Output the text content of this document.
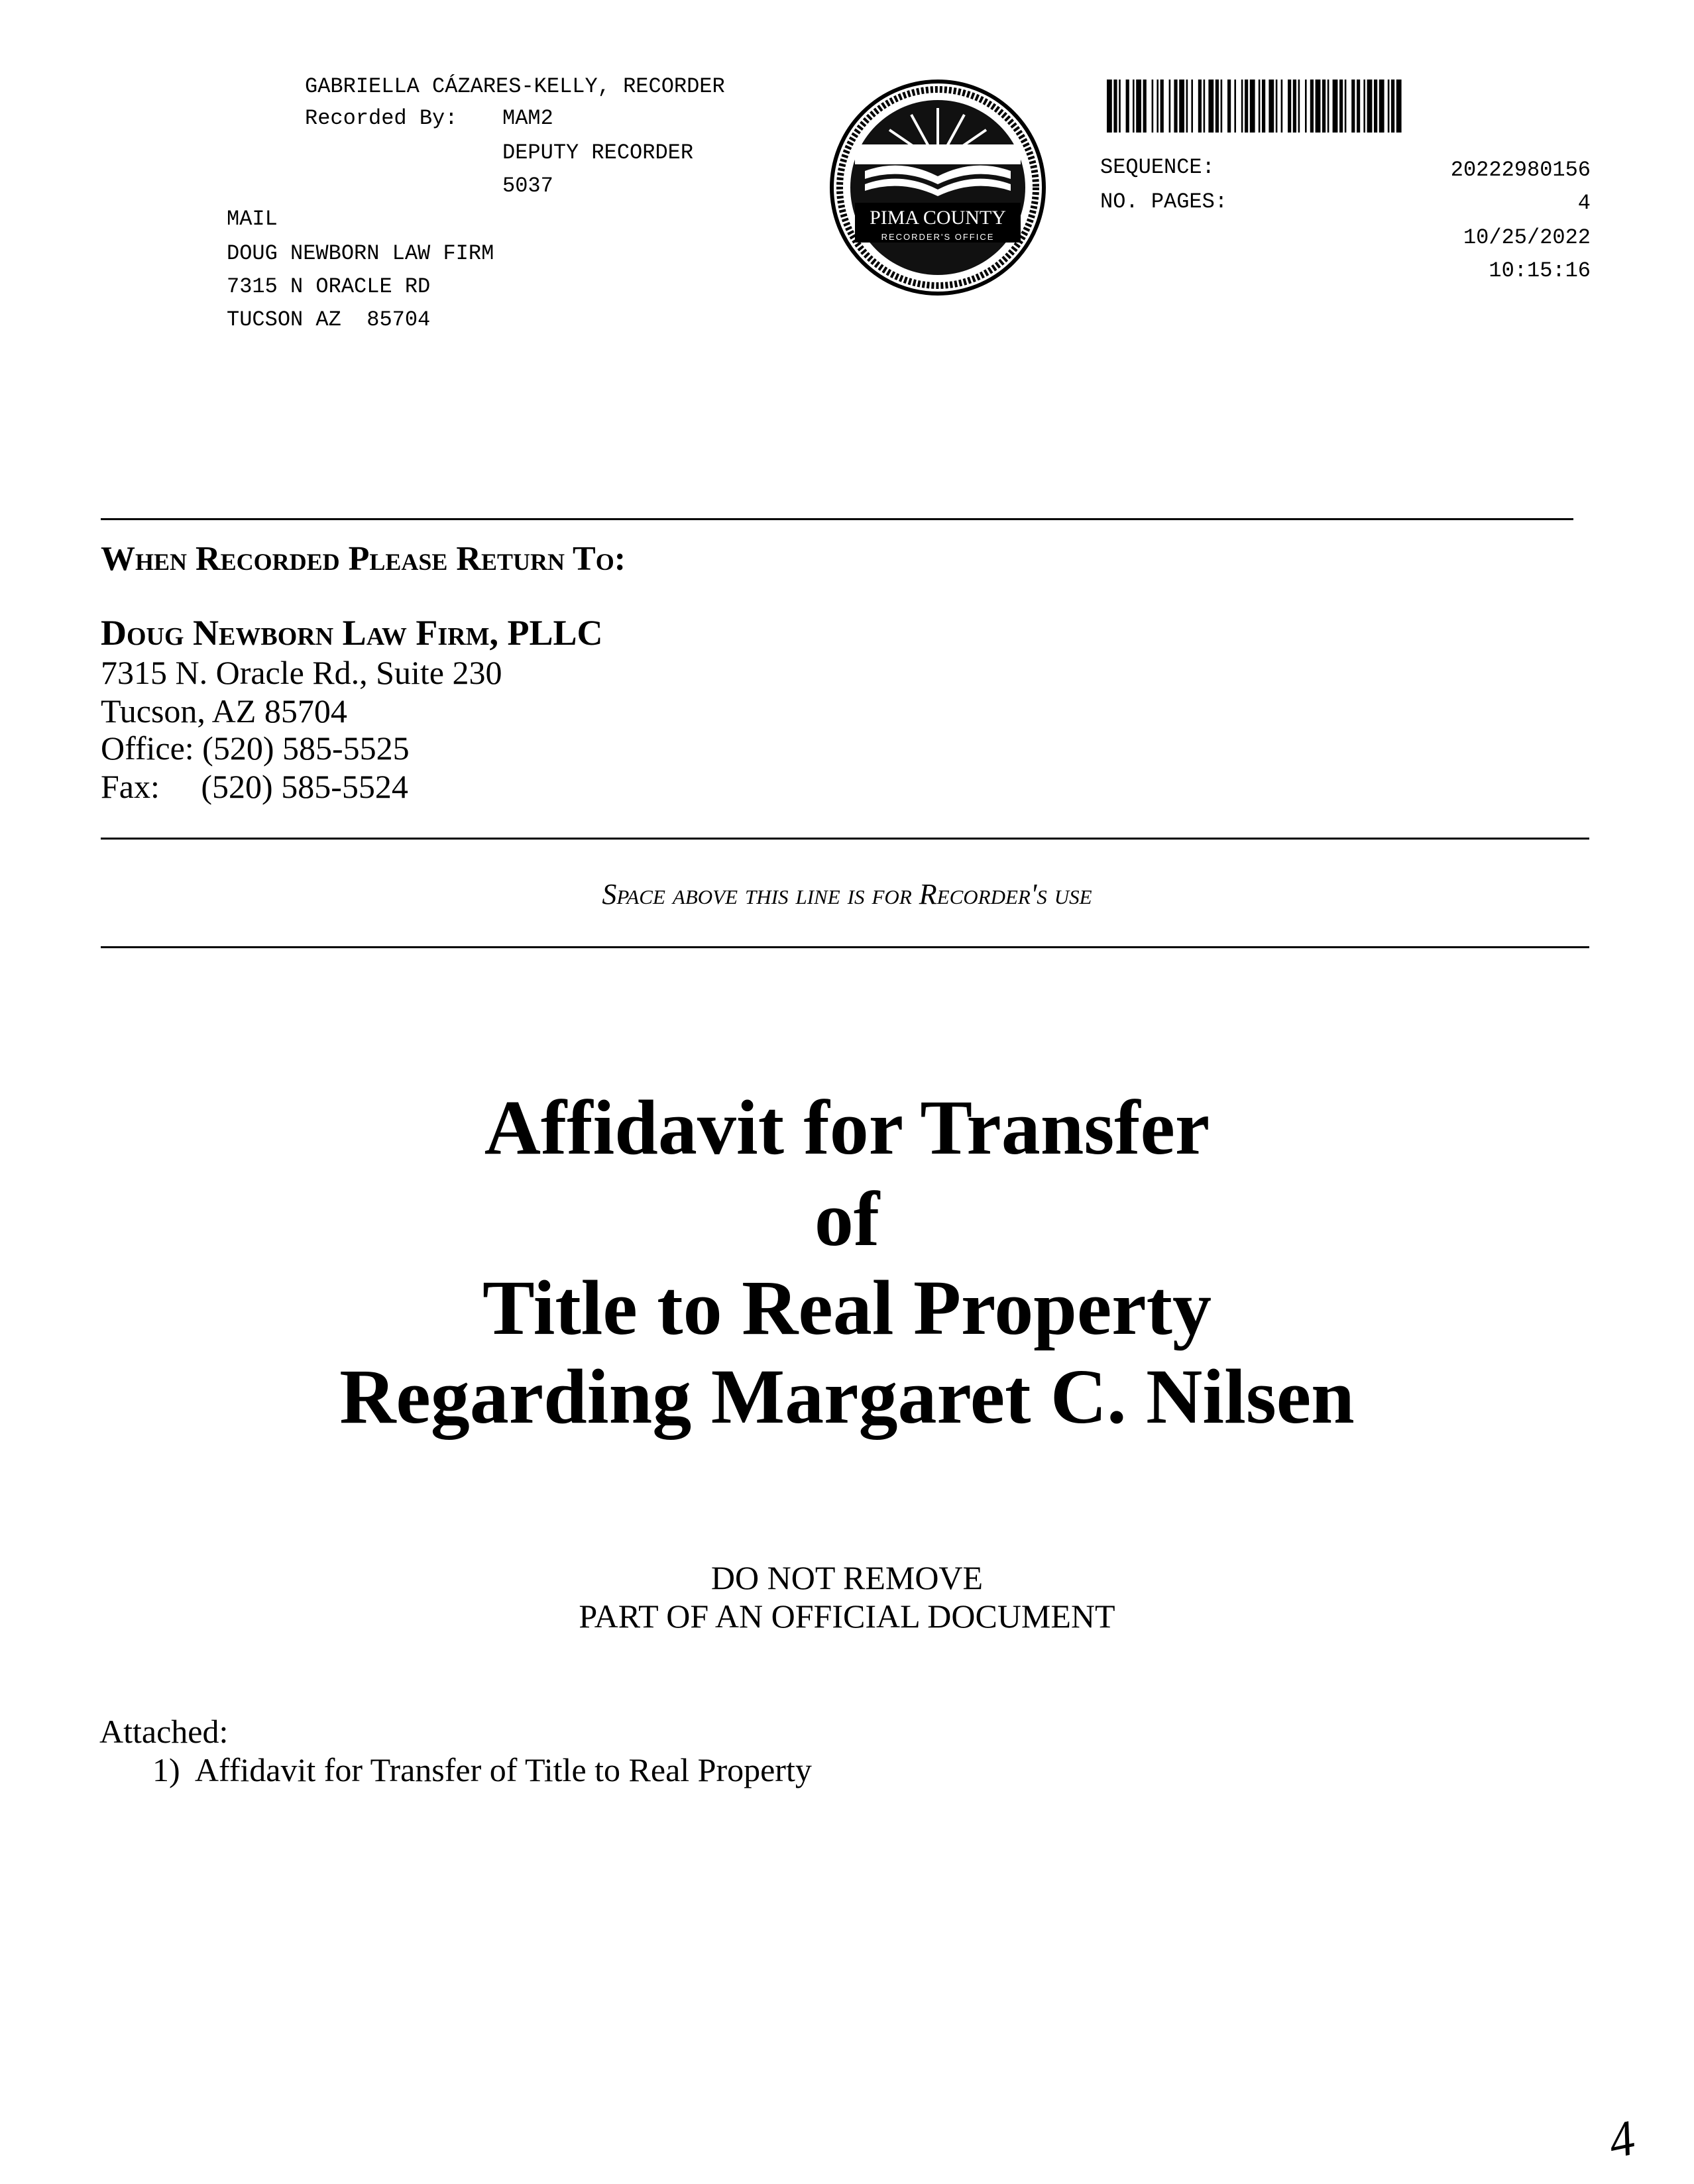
GABRIELLA CÁZARES-KELLY, RECORDER
Recorded By: MAM2
DEPUTY RECORDER
5037
MAIL
DOUG NEWBORN LAW FIRM
7315 N ORACLE RD
TUCSON AZ  85704
PIMA COUNTY
RECORDER'S OFFICE
SEQUENCE:	20222980156
NO. PAGES:	4
10/25/2022
10:15:16
When Recorded Please Return To:
Doug Newborn Law Firm, PLLC
7315 N. Oracle Rd., Suite 230
Tucson, AZ 85704
Office: (520) 585-5525
Fax:     (520) 585-5524
Space above this line is for Recorder's use
Affidavit for Transfer
of
Title to Real Property
Regarding Margaret C. Nilsen
DO NOT REMOVE
PART OF AN OFFICIAL DOCUMENT
Attached:
1)  Affidavit for Transfer of Title to Real Property
4
